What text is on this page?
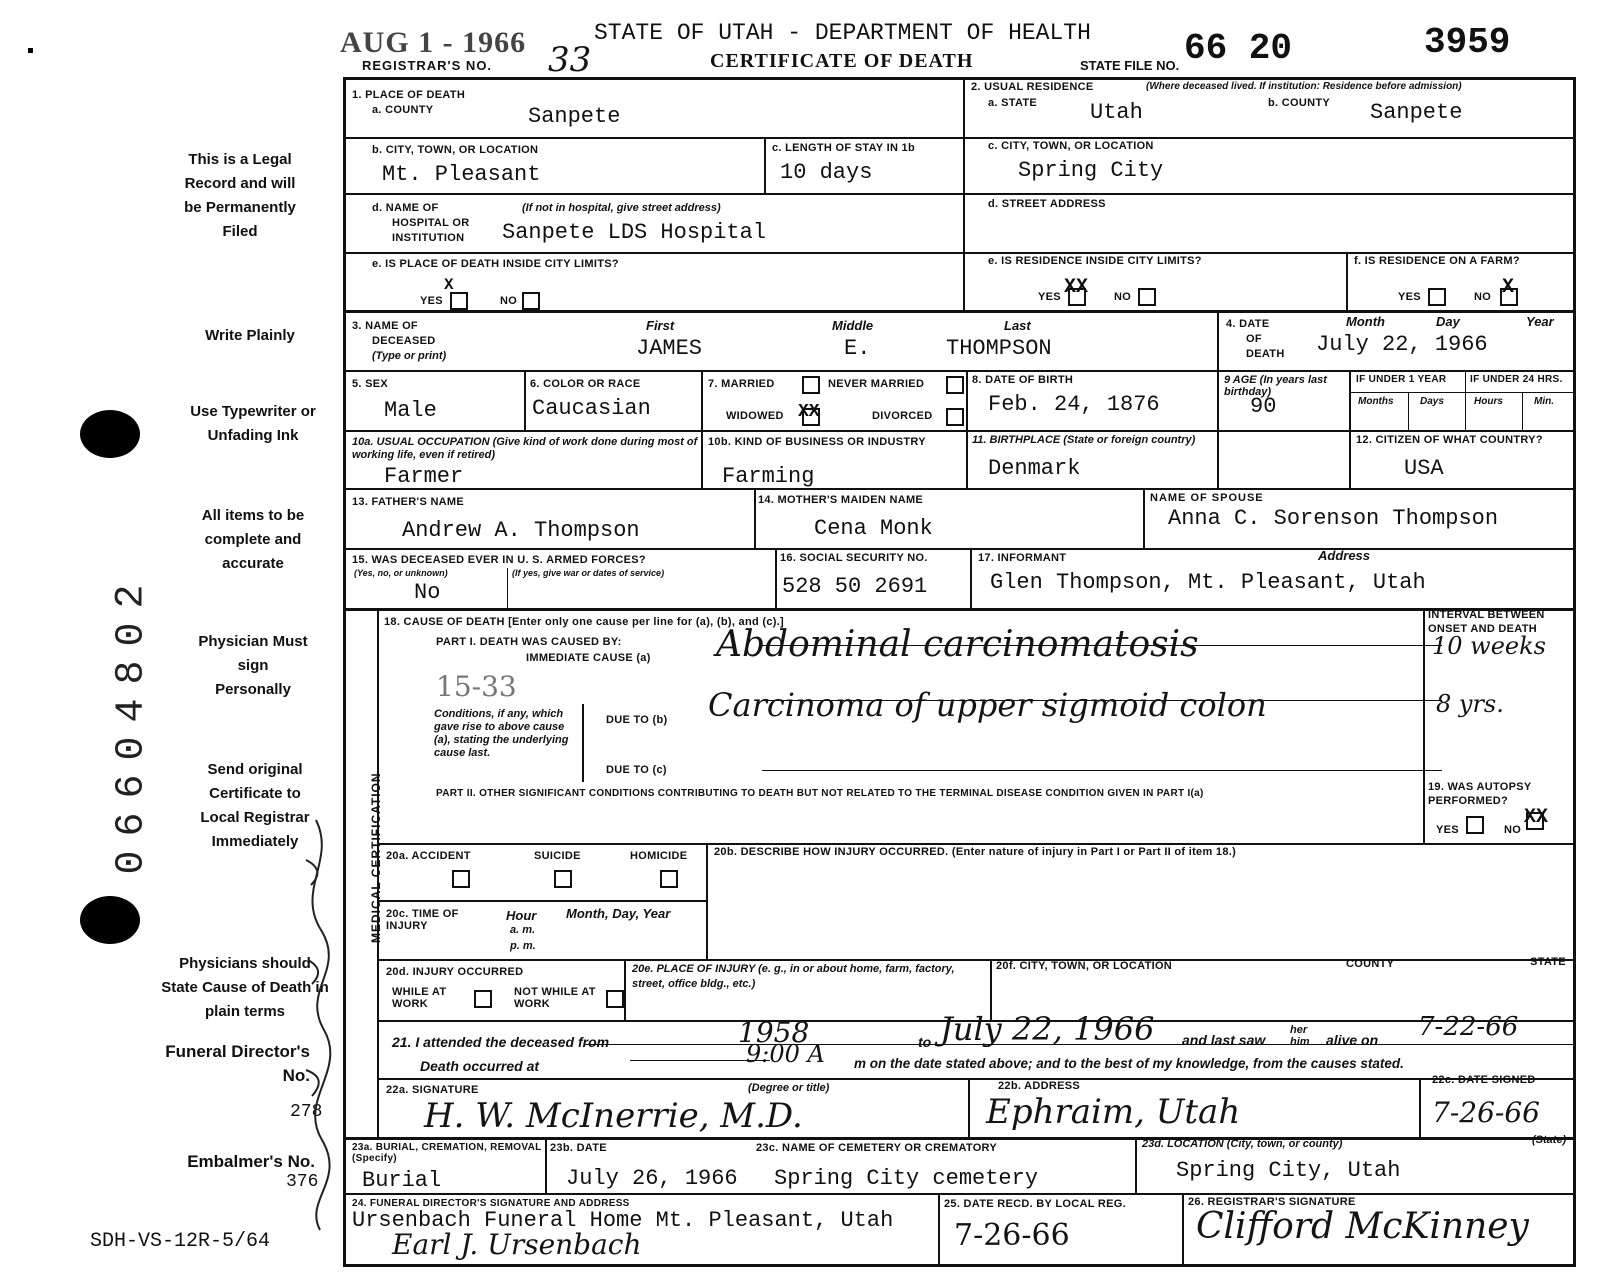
06604802
This is a Legal Record and will be Permanently Filed
Write Plainly
Use Typewriter or Unfading Ink
All items to be complete and accurate
Physician Must sign Personally
Send original Certificate to Local Registrar Immediately
Physicians should State Cause of Death in plain terms
Funeral Director's No.
278
Embalmer's No.
376
SDH-VS-12R-5/64
AUG 1 - 1966	STATE OF UTAH - DEPARTMENT OF HEALTH
REGISTRAR'S NO. 33	CERTIFICATE OF DEATH	STATE FILE NO. 66 20	3959
MEDICAL CERTIFICATION
1. PLACE OF DEATH
a. COUNTY	Sanpete
2. USUAL RESIDENCE	(Where deceased lived. If institution: Residence before admission)
a. STATE Utah	b. COUNTY Sanpete
b. CITY, TOWN, OR LOCATION
Mt. Pleasant
c. LENGTH OF STAY IN 1b
10 days
c. CITY, TOWN, OR LOCATION
Spring City
d. NAME OF
HOSPITAL OR
INSTITUTION
(If not in hospital, give street address)
Sanpete LDS Hospital
d. STREET ADDRESS
e. IS PLACE OF DEATH INSIDE CITY LIMITS?
YES
X
NO
e. IS RESIDENCE INSIDE CITY LIMITS?
YES XX NO
f. IS RESIDENCE ON A FARM?
YES	NO X
3. NAME OF
DECEASED
(Type or print)
First	Middle	Last
JAMES	E.	THOMPSON
4. DATE
OF
DEATH
Month	Day	Year
July 22, 1966
5. SEX
Male
6. COLOR OR RACE
Caucasian
7. MARRIED	NEVER MARRIED
WIDOWED XX	DIVORCED
8. DATE OF BIRTH
Feb. 24, 1876
9 AGE (In years last birthday)
90
IF UNDER 1 YEAR IF UNDER 24 HRS.
Months	Days	Hours	Min.
10a. USUAL OCCUPATION (Give kind of work done during most of working life, even if retired)
Farmer
10b. KIND OF BUSINESS OR INDUSTRY
Farming
11. BIRTHPLACE (State or foreign country)
Denmark
12. CITIZEN OF WHAT COUNTRY?
USA
13. FATHER'S NAME
Andrew A. Thompson
14. MOTHER'S MAIDEN NAME
Cena Monk
NAME OF SPOUSE
Anna C. Sorenson Thompson
15. WAS DECEASED EVER IN U. S. ARMED FORCES?
(Yes, no, or unknown)	(If yes, give war or dates of service)
No
16. SOCIAL SECURITY NO.
528 50 2691
17. INFORMANT	Address
Glen Thompson, Mt. Pleasant, Utah
18. CAUSE OF DEATH [Enter only one cause per line for (a), (b), and (c).]
PART I. DEATH WAS CAUSED BY:
IMMEDIATE CAUSE (a) Abdominal carcinomatosis
INTERVAL BETWEEN ONSET AND DEATH
10 weeks
15-33
Conditions, if any, which gave rise to above cause (a), stating the underlying cause last.
DUE TO (b) Carcinoma of upper sigmoid colon	8 yrs.
DUE TO (c)
PART II. OTHER SIGNIFICANT CONDITIONS CONTRIBUTING TO DEATH BUT NOT RELATED TO THE TERMINAL DISEASE CONDITION GIVEN IN PART I(a)
19. WAS AUTOPSY PERFORMED?
YES	NO
XX
20a. ACCIDENT	SUICIDE	HOMICIDE 20b. DESCRIBE HOW INJURY OCCURRED. (Enter nature of injury in Part I or Part II of item 18.)
20c. TIME OF INJURY
Hour
a. m.
p. m.
Month, Day, Year
20d. INJURY OCCURRED
WHILE AT WORK
NOT WHILE AT WORK
20e. PLACE OF INJURY (e. g., in or about home, farm, factory, street, office bldg., etc.)
20f. CITY, TOWN, OR LOCATION	COUNTY	STATE
21. I attended the deceased from	1958	to July 22, 1966 and last saw
her him	alive on 7-22-66
Death occurred at	9:00 A m on the date stated above; and to the best of my knowledge, from the causes stated.
22a. SIGNATURE	(Degree or title)
H. W. McInerrie, M.D.
22b. ADDRESS
Ephraim, Utah
22c. DATE SIGNED
7-26-66
23a. BURIAL, CREMATION, REMOVAL (Specify)
Burial
23b. DATE
July 26, 1966
23c. NAME OF CEMETERY OR CREMATORY
Spring City cemetery
23d. LOCATION (City, town, or county)	(State)
Spring City, Utah
24. FUNERAL DIRECTOR'S SIGNATURE AND ADDRESS
Ursenbach Funeral Home Mt. Pleasant, Utah
Earl J. Ursenbach
25. DATE RECD. BY LOCAL REG.
7-26-66
26. REGISTRAR'S SIGNATURE
Clifford McKinney
